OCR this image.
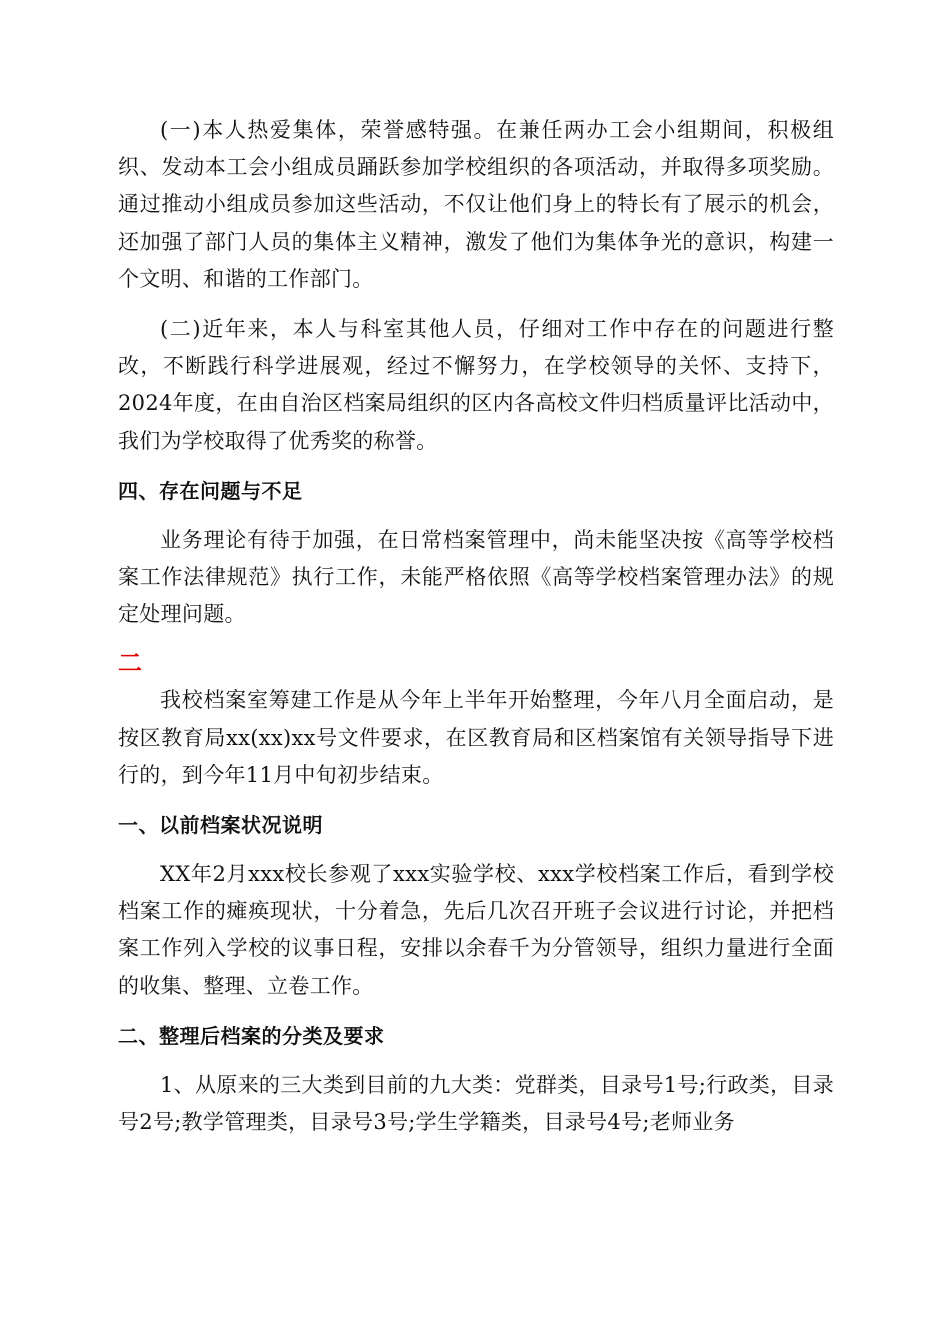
(一)本人热爱集体，荣誉感特强。在兼任两办工会小组期间，积极组织、发动本工会小组成员踊跃参加学校组织的各项活动，并取得多项奖励。通过推动小组成员参加这些活动，不仅让他们身上的特长有了展示的机会，还加强了部门人员的集体主义精神，激发了他们为集体争光的意识，构建一个文明、和谐的工作部门。

(二)近年来，本人与科室其他人员，仔细对工作中存在的问题进行整改，不断践行科学进展观，经过不懈努力，在学校领导的关怀、支持下，2024年度，在由自治区档案局组织的区内各高校文件归档质量评比活动中，我们为学校取得了优秀奖的称誉。

四、存在问题与不足

业务理论有待于加强，在日常档案管理中，尚未能坚决按《高等学校档案工作法律规范》执行工作，未能严格依照《高等学校档案管理办法》的规定处理问题。

二

我校档案室筹建工作是从今年上半年开始整理，今年八月全面启动，是按区教育局xx(xx)xx号文件要求，在区教育局和区档案馆有关领导指导下进行的，到今年11月中旬初步结束。

一、以前档案状况说明

XX年2月xxx校长参观了xxx实验学校、xxx学校档案工作后，看到学校档案工作的瘫痪现状，十分着急，先后几次召开班子会议进行讨论，并把档案工作列入学校的议事日程，安排以余春千为分管领导，组织力量进行全面的收集、整理、立卷工作。

二、整理后档案的分类及要求

1、从原来的三大类到目前的九大类：党群类，目录号1号;行政类，目录号2号;教学管理类，目录号3号;学生学籍类，目录号4号;老师业务
